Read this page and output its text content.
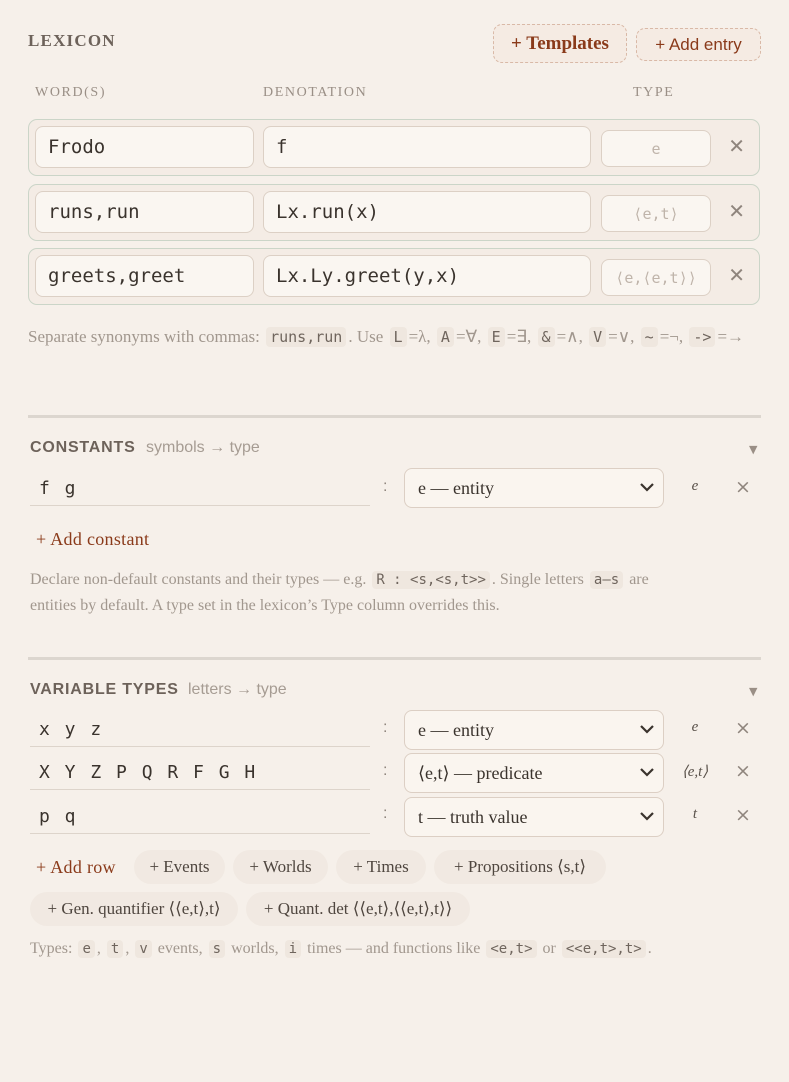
LEXICON	+ Templates	+ Add entry
WORD(S)	DENOTATION	TYPE
Frodo	f	e	✕
runs,run	Lx.run(x)	⟨e,t⟩	✕
greets,greet	Lx.Ly.greet(y,x)	⟨e,⟨e,t⟩⟩	✕
Separate synonyms with commas: runs,run . Use L =λ, A =∀, E =∃, & =∧, V =∨, ~ =¬, -> =→
CONSTANTS symbols → type	▼
f g	: e — entity	e	×
+ Add constant
Declare non-default constants and their types — e.g. R : <s,<s,t>> . Single letters a–s are
entities by default. A type set in the lexicon’s Type column overrides this.
VARIABLE TYPES letters → type	▼
x y z	: e — entity	e	×
X Y Z P Q R F G H	: ⟨e,t⟩ — predicate	⟨e,t⟩	×
p q	: t — truth value	t	×
+ Add row	+ Events	+ Worlds	+ Times	+ Propositions ⟨s,t⟩
+ Gen. quantifier ⟨⟨e,t⟩,t⟩	+ Quant. det ⟨⟨e,t⟩,⟨⟨e,t⟩,t⟩⟩
Types: e , t , v events, s worlds, i times — and functions like <e,t> or <<e,t>,t> .
